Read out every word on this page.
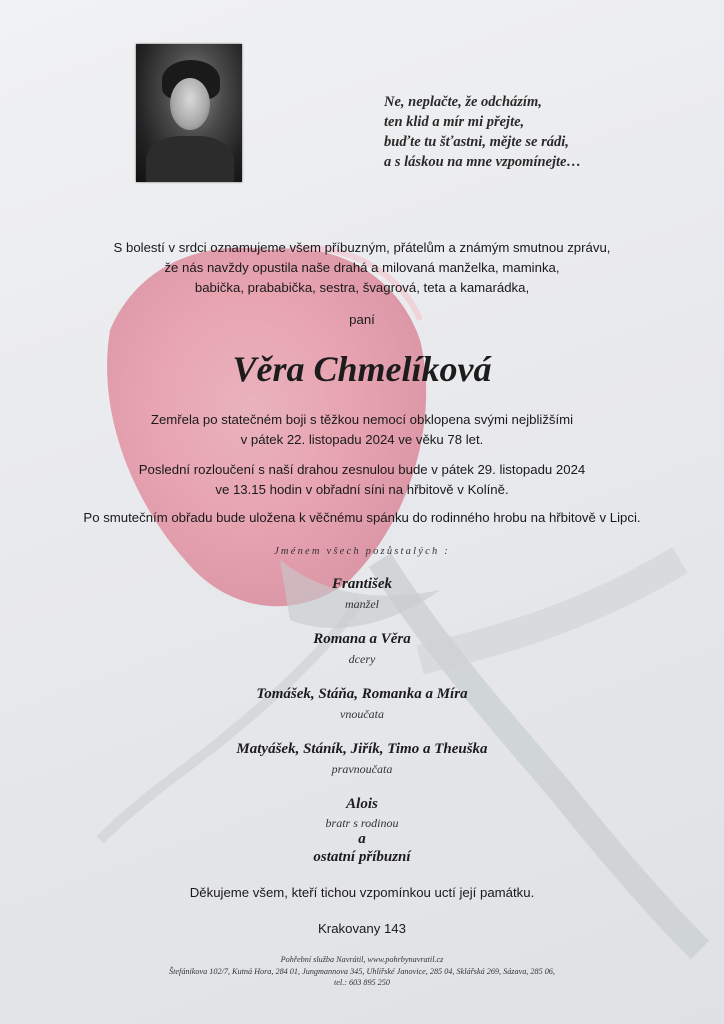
Ne, neplačte, že odcházím,
ten klid a mír mi přejte,
buďte tu šťastni, mějte se rádi,
a s láskou na mne vzpomínejte…
S bolestí v srdci oznamujeme všem příbuzným, přátelům a známým smutnou zprávu,
že nás navždy opustila naše drahá a milovaná manželka, maminka,
babička, prababička, sestra, švagrová, teta a kamarádka,
paní
Věra Chmelíková
Zemřela po statečném boji s těžkou nemocí obklopena svými nejbližšími
v pátek 22. listopadu 2024 ve věku 78 let.
Poslední rozloučení s naší drahou zesnulou bude v pátek 29. listopadu 2024
ve 13.15 hodin v obřadní síni na hřbitově v Kolíně.
Po smutečním obřadu bude uložena k věčnému spánku do rodinného hrobu na hřbitově v Lipci.
Jménem všech pozůstalých :
František
manžel
Romana a Věra
dcery
Tomášek, Stáňa, Romanka a Míra
vnoučata
Matyášek, Stáník, Jiřík, Timo a Theuška
pravnoučata
Alois
bratr s rodinou
a
ostatní příbuzní
Děkujeme všem, kteří tichou vzpomínkou uctí její památku.
Krakovany 143
Pohřební služba Navrátil, www.pohrbynavratil.cz
Štefánikova 102/7, Kutná Hora, 284 01, Jungmannova 345, Uhlířské Janovice, 285 04, Sklářská 269, Sázava, 285 06,
tel.: 603 895 250
